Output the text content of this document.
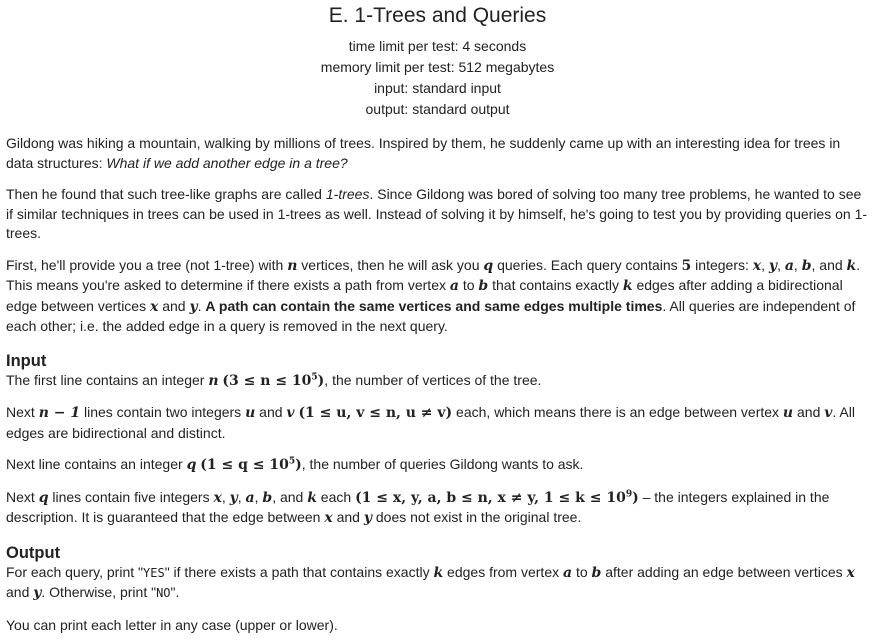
E. 1-Trees and Queries
time limit per test: 4 seconds
memory limit per test: 512 megabytes
input: standard input
output: standard output

Gildong was hiking a mountain, walking by millions of trees. Inspired by them, he suddenly came up with an interesting idea for trees in data structures: What if we add another edge in a tree?

Then he found that such tree-like graphs are called 1-trees. Since Gildong was bored of solving too many tree problems, he wanted to see if similar techniques in trees can be used in 1-trees as well. Instead of solving it by himself, he's going to test you by providing queries on 1-trees.

First, he'll provide you a tree (not 1-tree) with n vertices, then he will ask you q queries. Each query contains 5 integers: x, y, a, b, and k. This means you're asked to determine if there exists a path from vertex a to b that contains exactly k edges after adding a bidirectional edge between vertices x and y. A path can contain the same vertices and same edges multiple times. All queries are independent of each other; i.e. the added edge in a query is removed in the next query.

Input

The first line contains an integer n $(3 \le n \le 10^5)$, the number of vertices of the tree.

Next n − 1 lines contain two integers u and v (1 ≤ u, v ≤ n, u ≠ v) each, which means there is an edge between vertex u and v. All edges are bidirectional and distinct.

Next line contains an integer q $(1 \le q \le 10^5)$, the number of queries Gildong wants to ask.

Next q lines contain five integers x, y, a, b, and k each (1 ≤ x, y, a, b ≤ n, x ≠ y, $1 \le k \le 10^9$) – the integers explained in the description. It is guaranteed that the edge between x and y does not exist in the original tree.

Output

For each query, print "YES" if there exists a path that contains exactly k edges from vertex a to b after adding an edge between vertices x and y. Otherwise, print "NO".

You can print each letter in any case (upper or lower).
